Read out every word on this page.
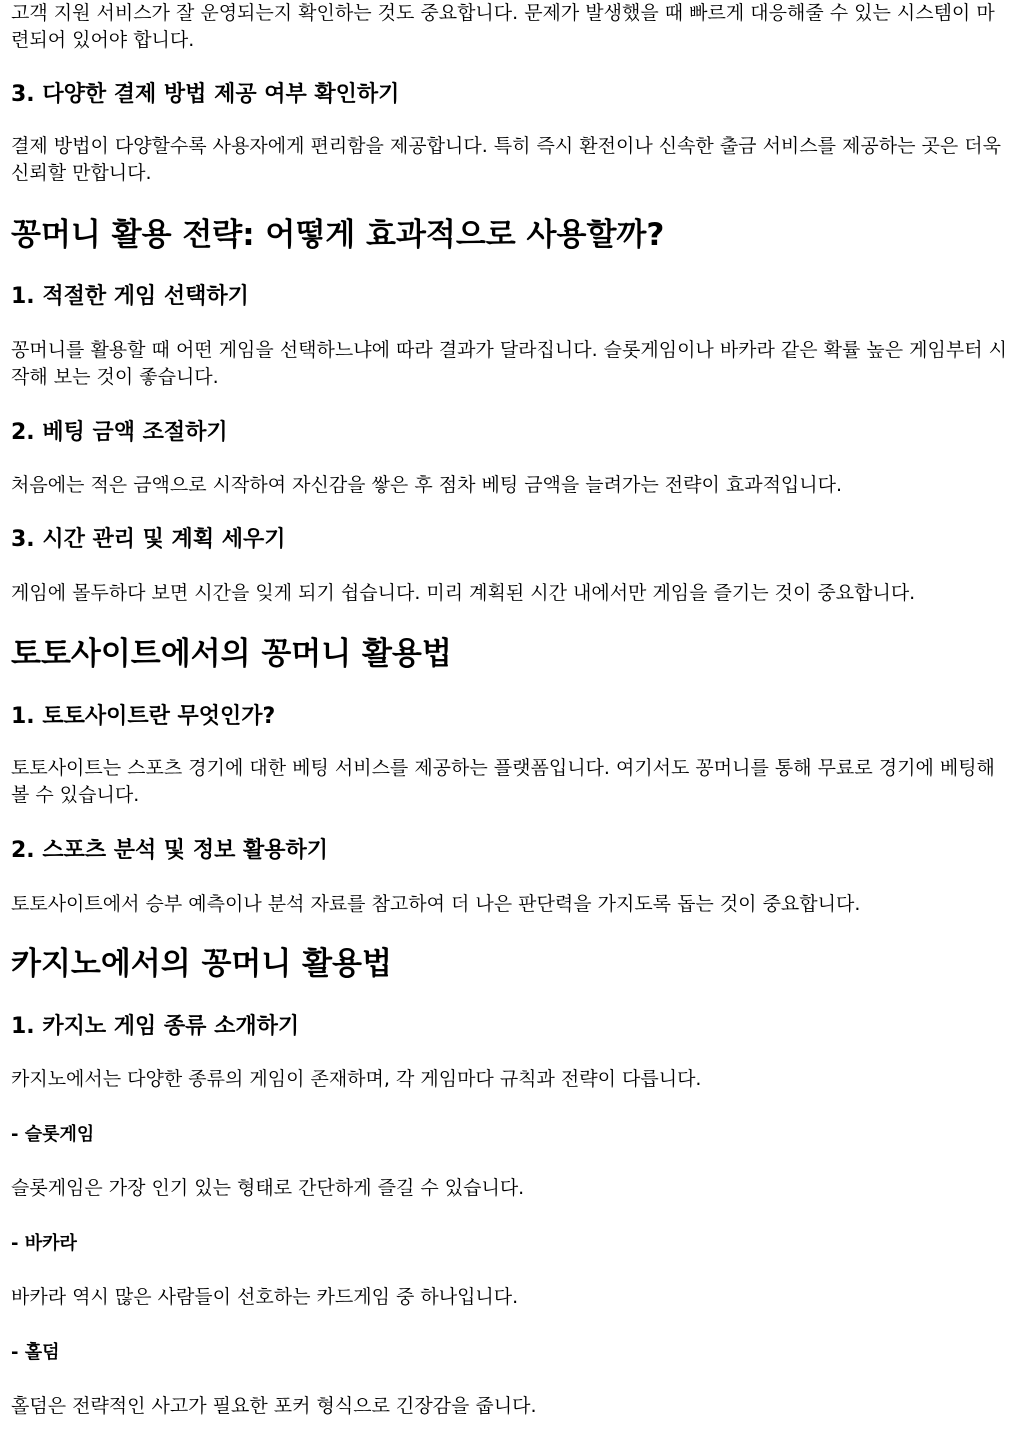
고객 지원 서비스가 잘 운영되는지 확인하는 것도 중요합니다. 문제가 발생했을 때 빠르게 대응해줄 수 있는 시스템이 마련되어 있어야 합니다.

3. 다양한 결제 방법 제공 여부 확인하기

결제 방법이 다양할수록 사용자에게 편리함을 제공합니다. 특히 즉시 환전이나 신속한 출금 서비스를 제공하는 곳은 더욱 신뢰할 만합니다.

꽁머니 활용 전략: 어떻게 효과적으로 사용할까?
1. 적절한 게임 선택하기

꽁머니를 활용할 때 어떤 게임을 선택하느냐에 따라 결과가 달라집니다. 슬롯게임이나 바카라 같은 확률 높은 게임부터 시작해 보는 것이 좋습니다.

2. 베팅 금액 조절하기

처음에는 적은 금액으로 시작하여 자신감을 쌓은 후 점차 베팅 금액을 늘려가는 전략이 효과적입니다.

3. 시간 관리 및 계획 세우기

게임에 몰두하다 보면 시간을 잊게 되기 쉽습니다. 미리 계획된 시간 내에서만 게임을 즐기는 것이 중요합니다.

토토사이트에서의 꽁머니 활용법
1. 토토사이트란 무엇인가?

토토사이트는 스포츠 경기에 대한 베팅 서비스를 제공하는 플랫폼입니다. 여기서도 꽁머니를 통해 무료로 경기에 베팅해 볼 수 있습니다.

2. 스포츠 분석 및 정보 활용하기

토토사이트에서 승부 예측이나 분석 자료를 참고하여 더 나은 판단력을 가지도록 돕는 것이 중요합니다.

카지노에서의 꽁머니 활용법
1. 카지노 게임 종류 소개하기

카지노에서는 다양한 종류의 게임이 존재하며, 각 게임마다 규칙과 전략이 다릅니다.

- 슬롯게임

슬롯게임은 가장 인기 있는 형태로 간단하게 즐길 수 있습니다.

- 바카라

바카라 역시 많은 사람들이 선호하는 카드게임 중 하나입니다.

- 홀덤

홀덤은 전략적인 사고가 필요한 포커 형식으로 긴장감을 줍니다.
